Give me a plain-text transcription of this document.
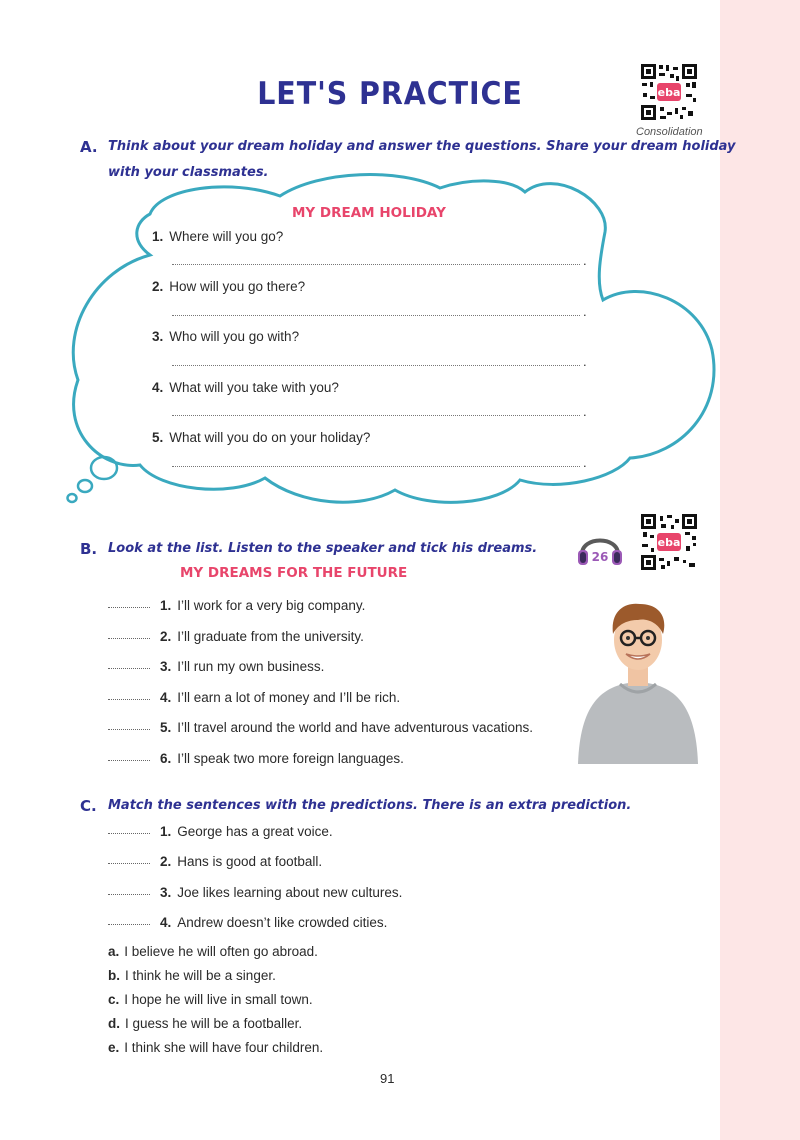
LET'S PRACTICE	eba
Consolidation
A. Think about your dream holiday and answer the questions. Share your dream holiday
with your classmates.
MY DREAM HOLIDAY
1. Where will you go?
.
2. How will you go there?
.
3. Who will you go with?
.
4. What will you take with you?
.
5. What will you do on your holiday?
.
B. Look at the list. Listen to the speaker and tick his dreams.
26
eba
MY DREAMS FOR THE FUTURE
1. I’ll work for a very big company.
2. I’ll graduate from the university.
3. I’ll run my own business.
4. I’ll earn a lot of money and I’ll be rich.
5. I’ll travel around the world and have adventurous vacations.
6. I’ll speak two more foreign languages.
C. Match the sentences with the predictions. There is an extra prediction.
1. George has a great voice.
2. Hans is good at football.
3. Joe likes learning about new cultures.
4. Andrew doesn’t like crowded cities.
a. I believe he will often go abroad.
b. I think he will be a singer.
c. I hope he will live in small town.
d. I guess he will be a footballer.
e. I think she will have four children.
91
